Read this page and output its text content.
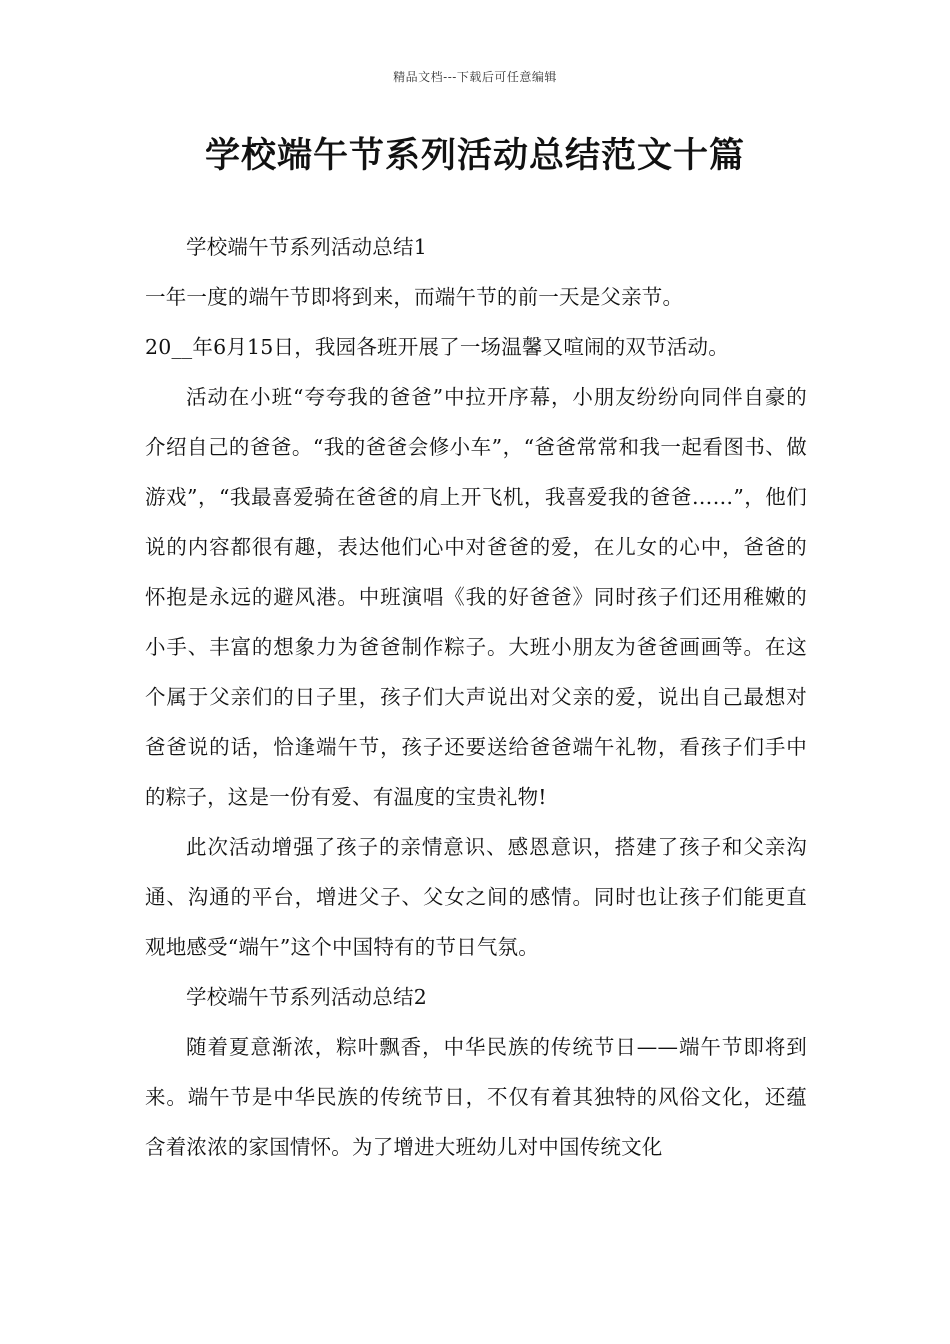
精品文档---下载后可任意编辑
学校端午节系列活动总结范文十篇

学校端午节系列活动总结1

一年一度的端午节即将到来，而端午节的前一天是父亲节。

20__年6月15日，我园各班开展了一场温馨又喧闹的双节活动。

活动在小班“夸夸我的爸爸”中拉开序幕，小朋友纷纷向同伴自豪的介绍自己的爸爸。“我的爸爸会修小车”，“爸爸常常和我一起看图书、做游戏”，“我最喜爱骑在爸爸的肩上开飞机，我喜爱我的爸爸……”，他们说的内容都很有趣，表达他们心中对爸爸的爱，在儿女的心中，爸爸的怀抱是永远的避风港。中班演唱《我的好爸爸》同时孩子们还用稚嫩的小手、丰富的想象力为爸爸制作粽子。大班小朋友为爸爸画画等。在这个属于父亲们的日子里，孩子们大声说出对父亲的爱，说出自己最想对爸爸说的话，恰逢端午节，孩子还要送给爸爸端午礼物，看孩子们手中的粽子，这是一份有爱、有温度的宝贵礼物!

此次活动增强了孩子的亲情意识、感恩意识，搭建了孩子和父亲沟通、沟通的平台，增进父子、父女之间的感情。同时也让孩子们能更直观地感受“端午”这个中国特有的节日气氛。

学校端午节系列活动总结2

随着夏意渐浓，粽叶飘香，中华民族的传统节日——端午节即将到来。端午节是中华民族的传统节日，不仅有着其独特的风俗文化，还蕴含着浓浓的家国情怀。为了增进大班幼儿对中国传统文化
